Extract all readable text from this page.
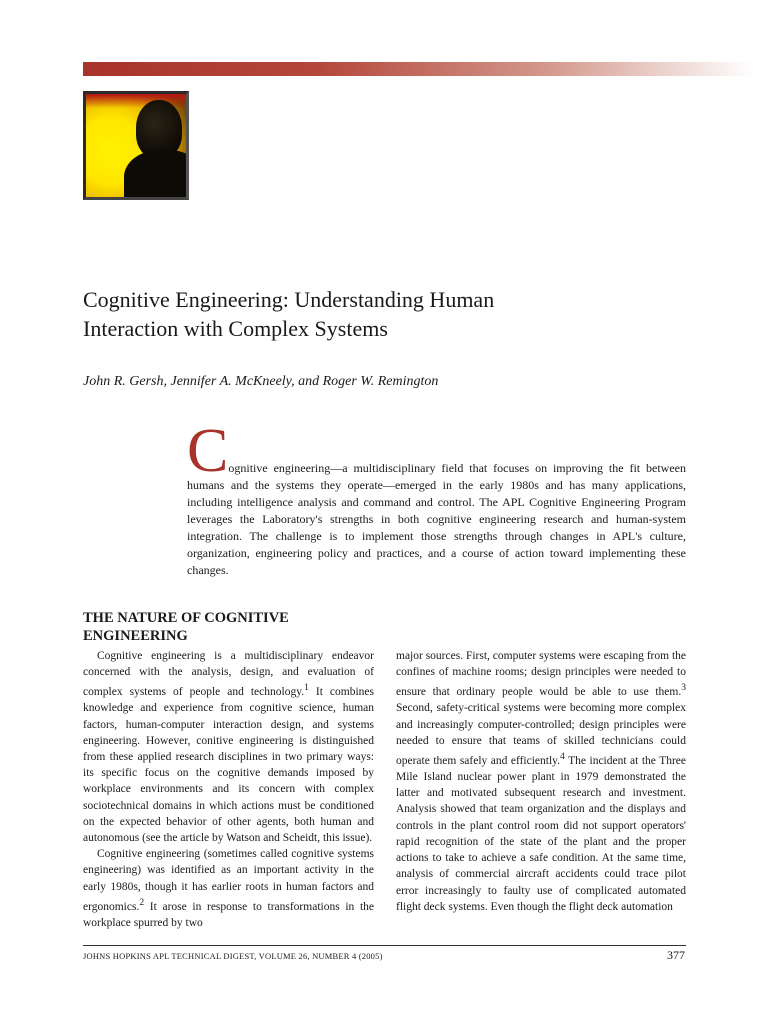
Cognitive Engineering: Understanding Human
Interaction with Complex Systems
John R. Gersh, Jennifer A. McKneely, and Roger W. Remington

C ognitive engineering—a multidisciplinary field that focuses on improving the fit between humans and the systems they operate—emerged in the early 1980s and has many applications, including intelligence analysis and command and control. The APL Cognitive Engineering Program leverages the Laboratory's strengths in both cognitive engineering research and human-system integration. The challenge is to implement those strengths through changes in APL's culture, organization, engineering policy and practices, and a course of action toward implementing these changes.

THE NATURE OF COGNITIVE
ENGINEERING

Cognitive engineering is a multidisciplinary endeavor concerned with the analysis, design, and evaluation of complex systems of people and technology.$^1$ It combines knowledge and experience from cognitive science, human factors, human-computer interaction design, and systems engineering. However, conitive engineering is distinguished from these applied research disciplines in two primary ways: its specific focus on the cognitive demands imposed by workplace environments and its concern with complex sociotechnical domains in which actions must be conditioned on the expected behavior of other agents, both human and autonomous (see the article by Watson and Scheidt, this issue).

Cognitive engineering (sometimes called cognitive systems engineering) was identified as an important activity in the early 1980s, though it has earlier roots in human factors and ergonomics.$^2$ It arose in response to transformations in the workplace spurred by two

major sources. First, computer systems were escaping from the confines of machine rooms; design principles were needed to ensure that ordinary people would be able to use them.$^3$ Second, safety-critical systems were becoming more complex and increasingly computer-controlled; design principles were needed to ensure that teams of skilled technicians could operate them safely and efficiently.$^4$ The incident at the Three Mile Island nuclear power plant in 1979 demonstrated the latter and motivated subsequent research and investment. Analysis showed that team organization and the displays and controls in the plant control room did not support operators' rapid recognition of the state of the plant and the proper actions to take to achieve a safe condition. At the same time, analysis of commercial aircraft accidents could trace pilot error increasingly to faulty use of complicated automated flight deck systems. Even though the flight deck automation

JOHNS HOPKINS APL TECHNICAL DIGEST, VOLUME 26, NUMBER 4 (2005)	377
